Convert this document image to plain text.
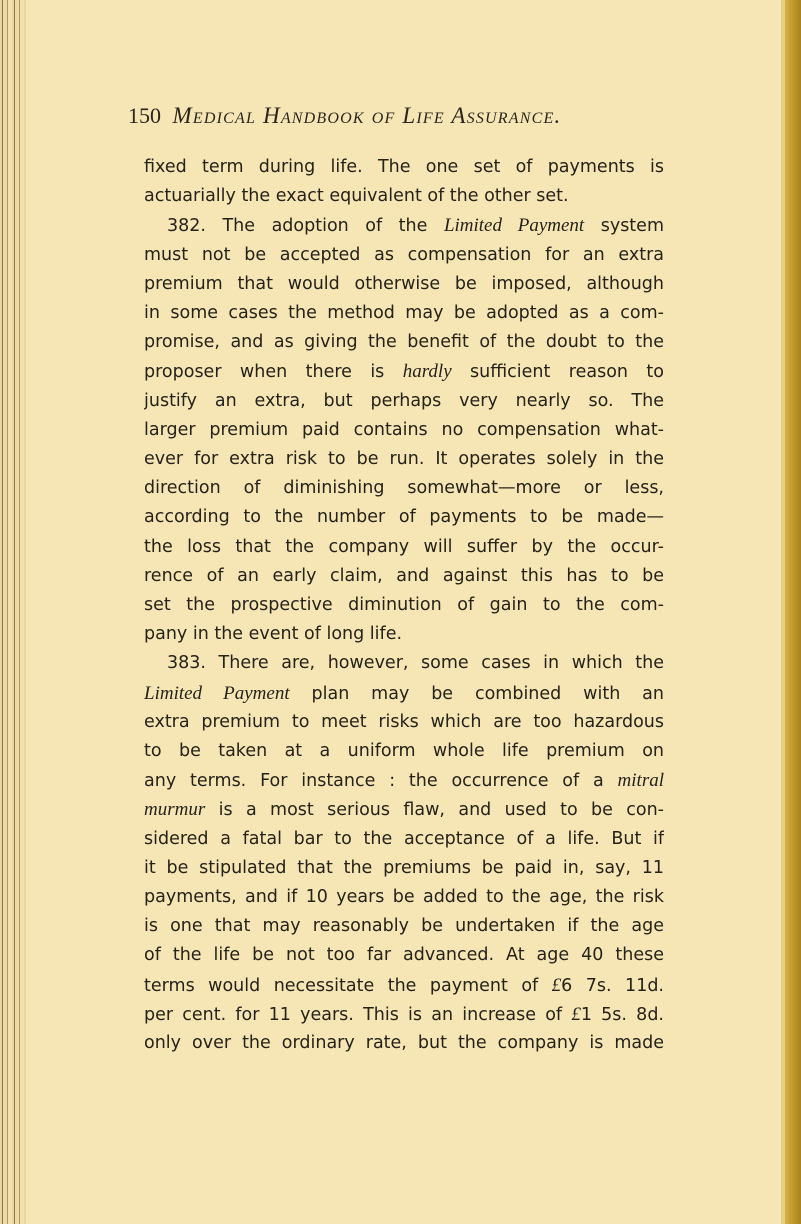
150 Medical Handbook of Life Assurance.
fixed term during life. The one set of payments is
actuarially the exact equivalent of the other set.
382. The adoption of the Limited Payment system
must not be accepted as compensation for an extra
premium that would otherwise be imposed, although
in some cases the method may be adopted as a com-
promise, and as giving the benefit of the doubt to the
proposer when there is hardly sufficient reason to
justify an extra, but perhaps very nearly so. The
larger premium paid contains no compensation what-
ever for extra risk to be run. It operates solely in the
direction of diminishing somewhat—more or less,
according to the number of payments to be made—
the loss that the company will suffer by the occur-
rence of an early claim, and against this has to be
set the prospective diminution of gain to the com-
pany in the event of long life.
383. There are, however, some cases in which the
Limited Payment plan may be combined with an
extra premium to meet risks which are too hazardous
to be taken at a uniform whole life premium on
any terms. For instance : the occurrence of a mitral
murmur is a most serious flaw, and used to be con-
sidered a fatal bar to the acceptance of a life. But if
it be stipulated that the premiums be paid in, say, 11
payments, and if 10 years be added to the age, the risk
is one that may reasonably be undertaken if the age
of the life be not too far advanced. At age 40 these
terms would necessitate the payment of £6 7s. 11d.
per cent. for 11 years. This is an increase of £1 5s. 8d.
only over the ordinary rate, but the company is made
